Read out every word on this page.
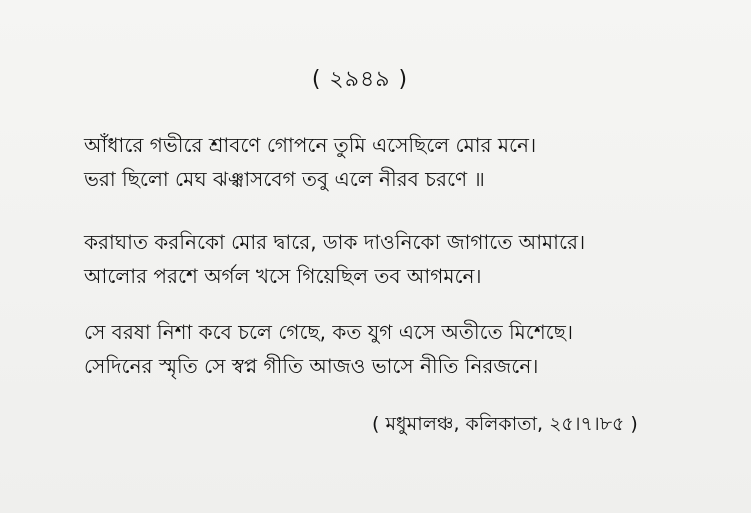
( ২৯৪৯ )
আঁধারে গভীরে শ্রাবণে গোপনে তুমি এসেছিলে মোর মনে।
ভরা ছিলো মেঘ ঝঞ্ঝাসবেগ তবু এলে নীরব চরণে ॥
করাঘাত করনিকো মোর দ্বারে, ডাক দাওনিকো জাগাতে আমারে।
আলোর পরশে অর্গল খসে গিয়েছিল তব আগমনে।
সে বরষা নিশা কবে চলে গেছে, কত যুগ এসে অতীতে মিশেছে।
সেদিনের স্মৃতি সে স্বপ্ন গীতি আজও ভাসে নীতি নিরজনে।
( মধুমালঞ্চ, কলিকাতা, ২৫।৭।৮৫ )
